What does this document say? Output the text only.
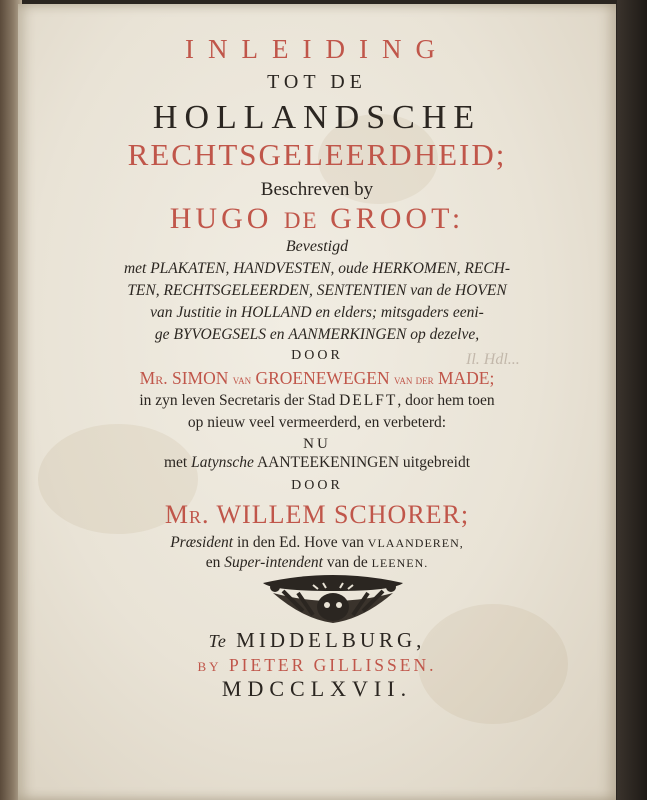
INLEIDING
TOT DE
HOLLANDSCHE
RECHTSGELEERDHEID;
Beschreven by
HUGO DE GROOT:
Bevestigd
met PLAKATEN, HANDVESTEN, oude HERKOMEN, RECH-
TEN, RECHTSGELEERDEN, SENTENTIEN van de HOVEN
van Justitie in HOLLAND en elders; mitsgaders eeni-
ge BYVOEGSELS en AANMERKINGEN op dezelve,
Il. Hdl...
DOOR
Mr. SIMON van GROENEWEGEN van der MADE;
in zyn leven Secretaris der Stad DELFT, door hem toen
op nieuw veel vermeerderd, en verbeterd:
NU
met Latynsche AANTEEKENINGEN uitgebreidt
DOOR
Mr. WILLEM SCHORER;
Præsident in den Ed. Hove van VLAANDEREN,
en Super-intendent van de LEENEN.
Te MIDDELBURG,
BY PIETER GILLISSEN.
MDCCLXVII.
